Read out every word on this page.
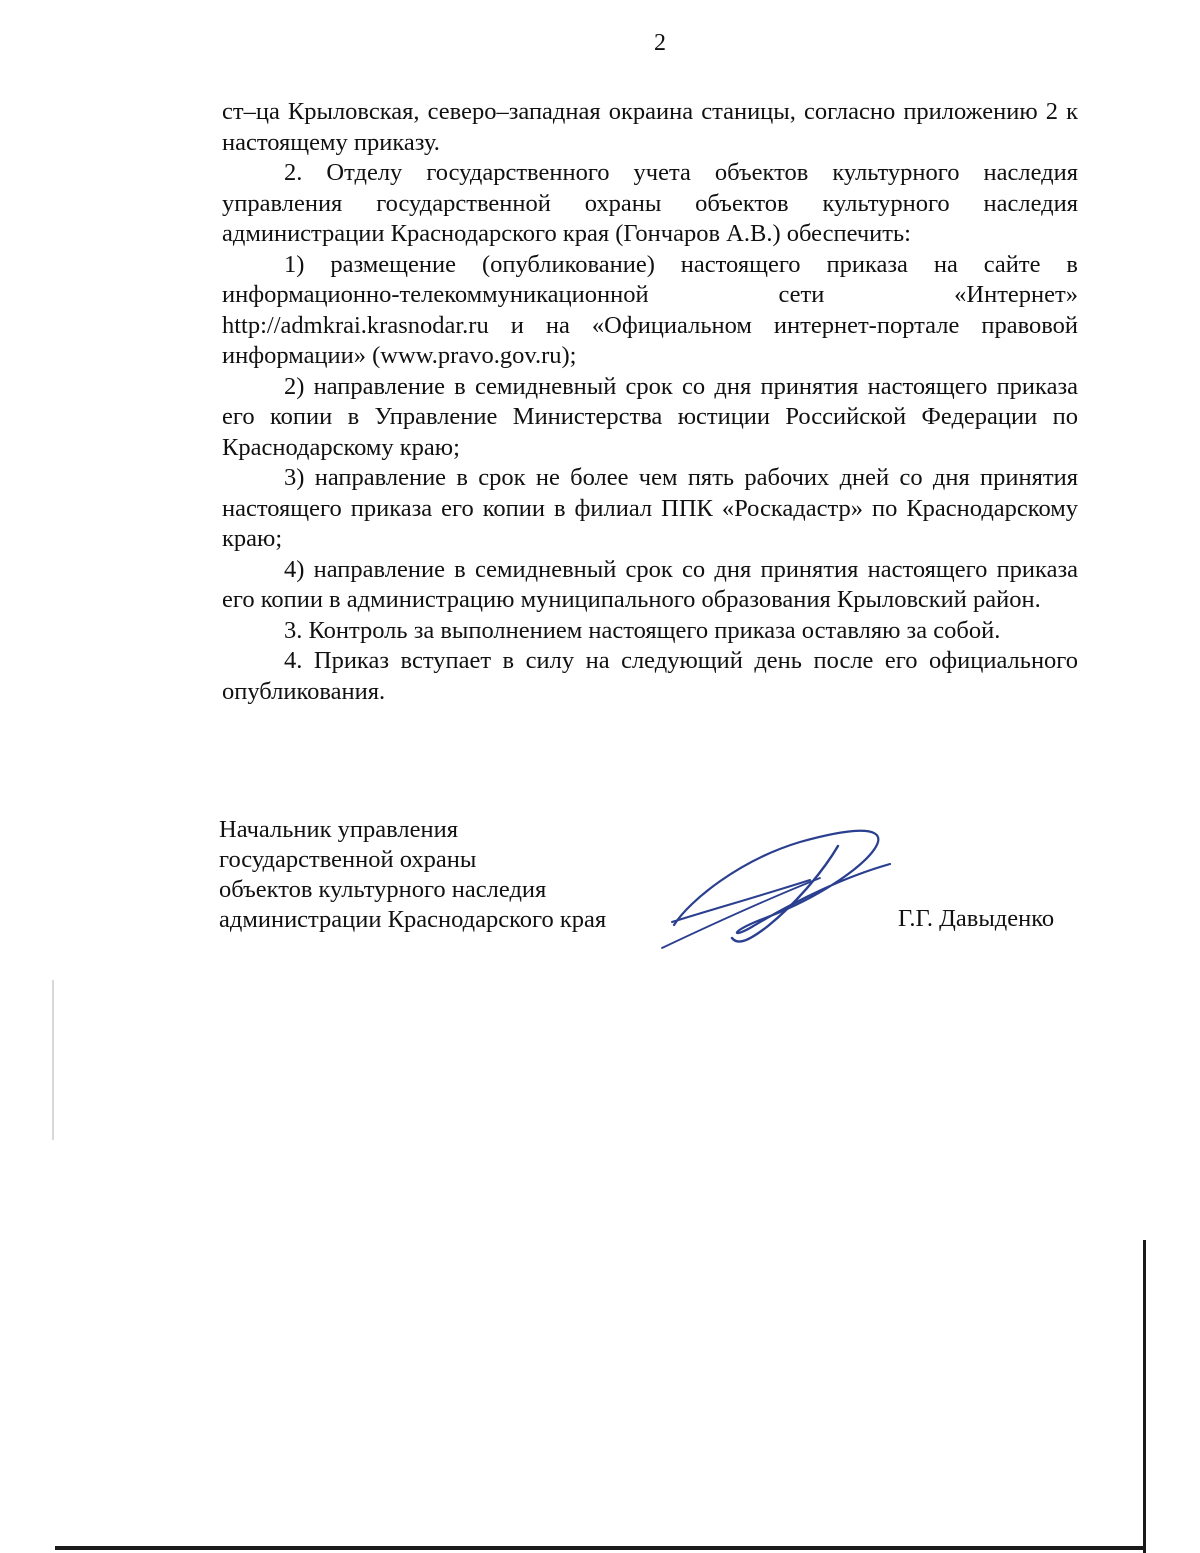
2

ст–ца Крыловская, северо–западная окраина станицы, согласно приложению 2 к настоящему приказу.

2. Отделу государственного учета объектов культурного наследия управления государственной охраны объектов культурного наследия администрации Краснодарского края (Гончаров А.В.) обеспечить:

1) размещение (опубликование) настоящего приказа на сайте в информационно-телекоммуникационной сети «Интернет» http://admkrai.krasnodar.ru и на «Официальном интернет-портале правовой информации» (www.pravo.gov.ru);

2) направление в семидневный срок со дня принятия настоящего приказа его копии в Управление Министерства юстиции Российской Федерации по Краснодарскому краю;

3) направление в срок не более чем пять рабочих дней со дня принятия настоящего приказа его копии в филиал ППК «Роскадастр» по Краснодарскому краю;

4) направление в семидневный срок со дня принятия настоящего приказа его копии в администрацию муниципального образования Крыловский район.

3. Контроль за выполнением настоящего приказа оставляю за собой.

4. Приказ вступает в силу на следующий день после его официального опубликования.

Начальник управления
государственной охраны
объектов культурного наследия
администрации Краснодарского края	Г.Г. Давыденко
